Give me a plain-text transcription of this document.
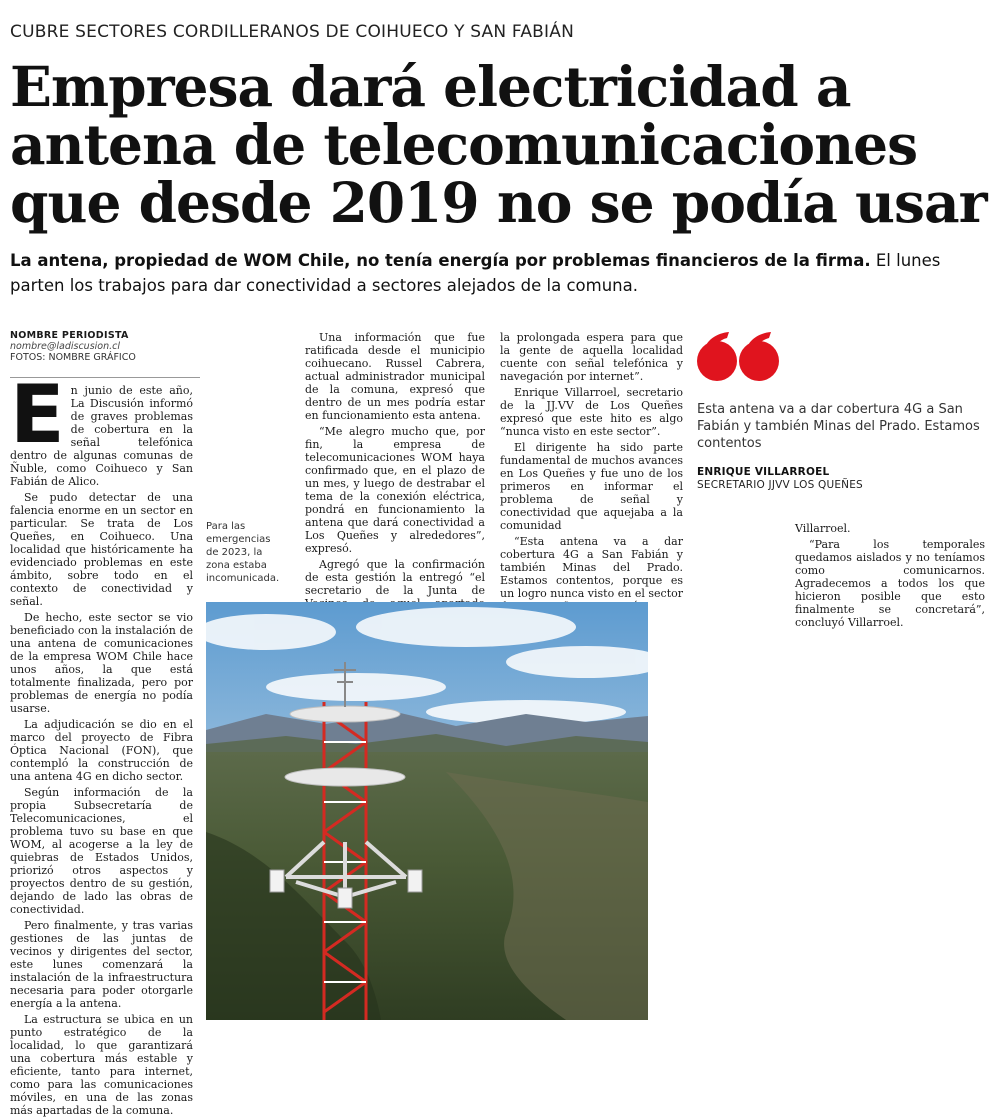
CUBRE SECTORES CORDILLERANOS DE COIHUECO Y SAN FABIÁN
Empresa dará electricidad a antena de telecomunicaciones que desde 2019 no se podía usar
La antena, propiedad de WOM Chile, no tenía energía por problemas financieros de la firma. El lunes parten los trabajos para dar conectividad a sectores alejados de la comuna.
NOMBRE PERIODISTA
nombre@ladiscusion.cl
FOTOS: NOMBRE GRÁFICO

En junio de este año, La Discusión informó de graves problemas de cobertura en la señal telefónica dentro de algunas comunas de Ñuble, como Coihueco y San Fabián de Alico.

Se pudo detectar de una falencia enorme en un sector en particular. Se trata de Los Queñes, en Coihueco. Una localidad que históricamente ha evidenciado problemas en este ámbito, sobre todo en el contexto de conectividad y señal.

De hecho, este sector se vio beneficiado con la instalación de una antena de comunicaciones de la empresa WOM Chile hace unos años, la que está totalmente finalizada, pero por problemas de energía no podía usarse.

La adjudicación se dio en el marco del proyecto de Fibra Óptica Nacional (FON), que contempló la construcción de una antena 4G en dicho sector.

Según información de la propia Subsecretaría de Telecomunicaciones, el problema tuvo su base en que WOM, al acogerse a la ley de quiebras de Estados Unidos, priorizó otros aspectos y proyectos dentro de su gestión, dejando de lado las obras de conectividad.

Pero finalmente, y tras varias gestiones de las juntas de vecinos y dirigentes del sector, este lunes comenzará la instalación de la infraestructura necesaria para poder otorgarle energía a la antena.

La estructura se ubica en un punto estratégico de la localidad, lo que garantizará una cobertura más estable y eficiente, tanto para internet, como para las comunicaciones móviles, en una de las zonas más apartadas de la comuna.

Una información que fue ratificada desde el municipio coihuecano. Russel Cabrera, actual administrador municipal de la comuna, expresó que dentro de un mes podría estar en funcionamiento esta antena.

“Me alegro mucho que, por fin, la empresa de telecomunicaciones WOM haya confirmado que, en el plazo de un mes, y luego de destrabar el tema de la conexión eléctrica, pondrá en funcionamiento la antena que dará conectividad a Los Queñes y alrededores”, expresó.

Agregó que la confirmación de esta gestión la entregó “el secretario de la Junta de

la prolongada espera para que la gente de aquella localidad cuente con señal telefónica y navegación por internet”.

Enrique Villarroel, secretario de la JJ.VV de Los Queñes expresó que este hito es algo “nunca visto en este sector”.

El dirigente ha sido parte fundamental de muchos avances en Los Queñes y fue uno de los primeros en informar el problema de señal y conectividad que aquejaba a la comunidad

“Esta antena va a dar cobertura 4G a San Fabián y también Minas del Prado. Estamos contentos, porque es un logro nunca visto en el sector

Villarroel.

“Para los temporales quedamos aislados y no teníamos como comunicarnos. Agradecemos a todos los que hicieron posible que esto finalmente se concretará”, concluyó Villarroel.

Para las emergencias de 2023, la zona estaba incomunicada.
Esta antena va a dar cobertura 4G a San Fabián y también Minas del Prado. Estamos contentos
ENRIQUE VILLARROEL
SECRETARIO JJVV LOS QUEÑES
